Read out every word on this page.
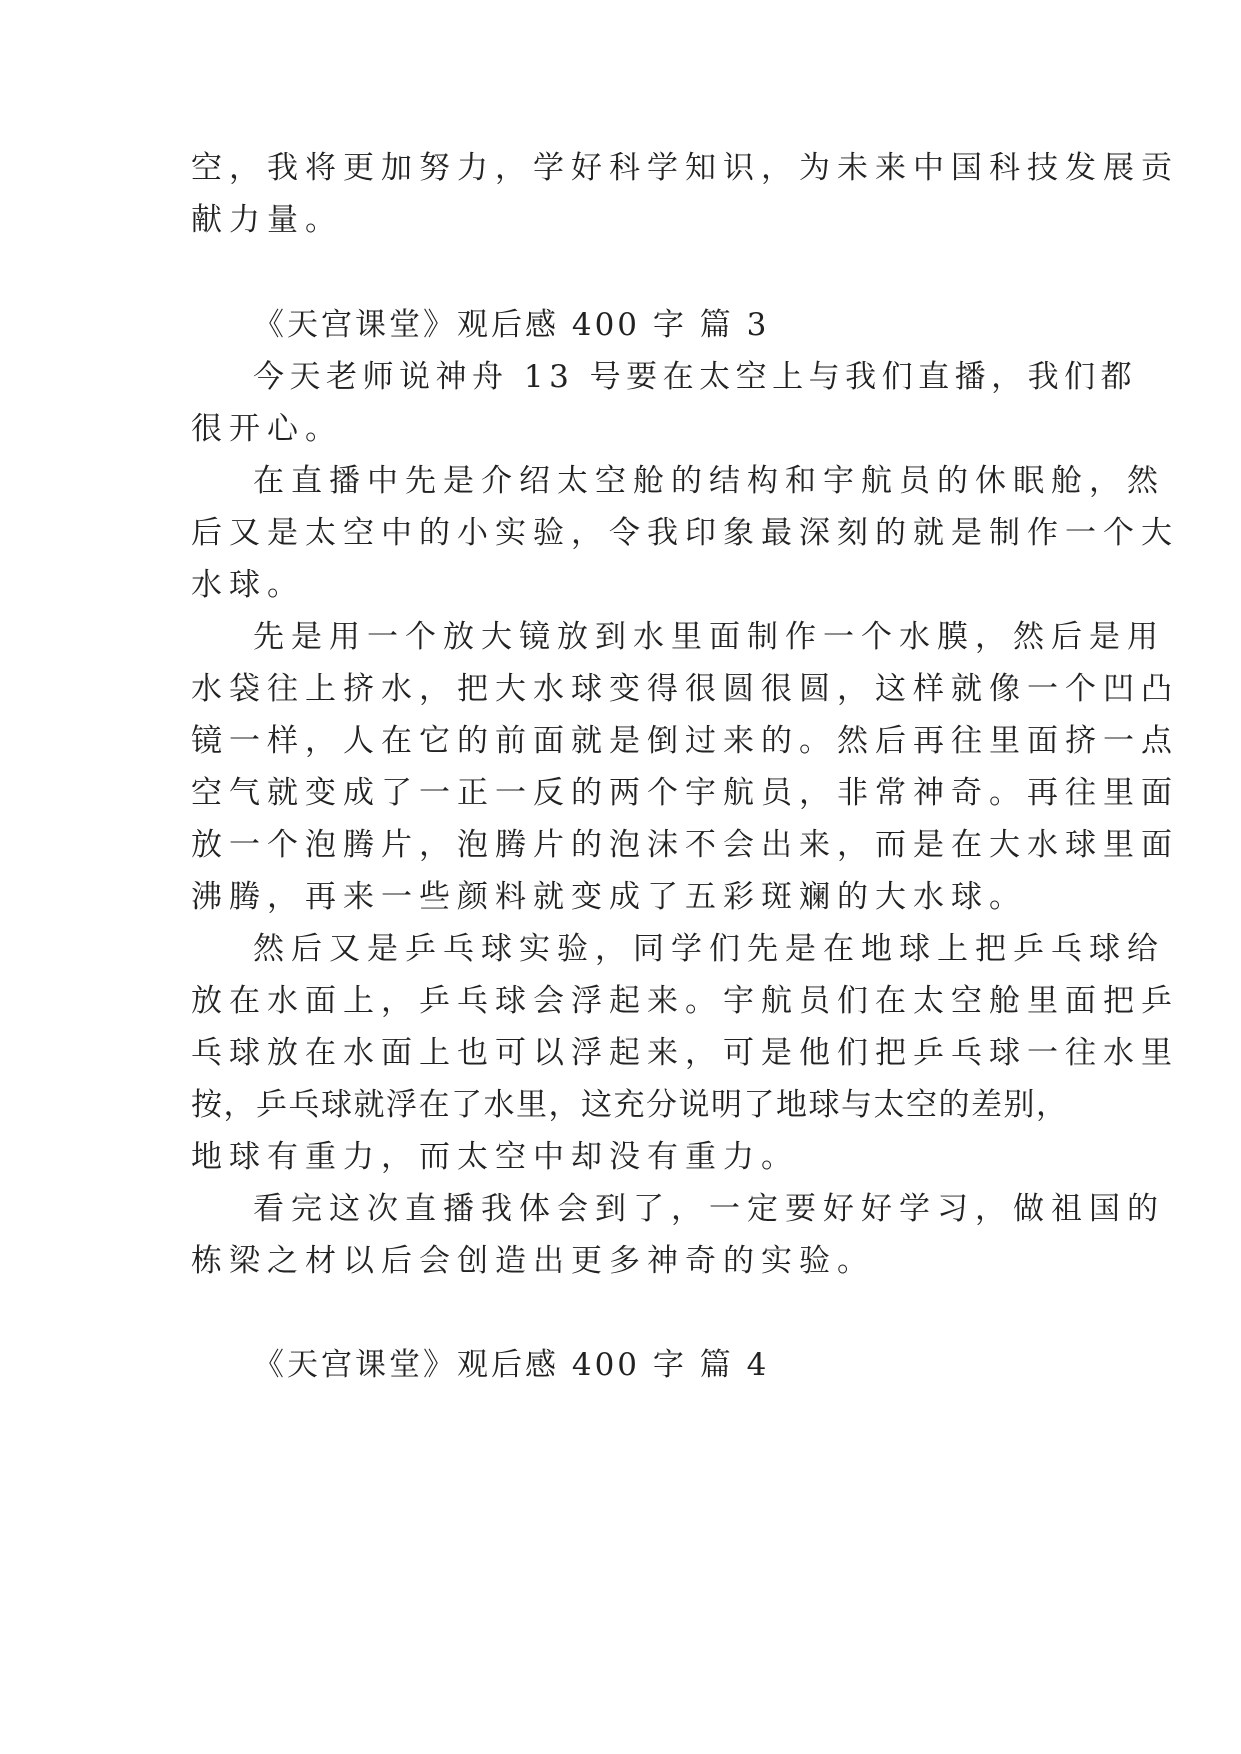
空，我将更加努力，学好科学知识，为未来中国科技发展贡
献力量。
《天宫课堂》观后感 400 字 篇 3
今天老师说神舟 13 号要在太空上与我们直播，我们都
很开心。
在直播中先是介绍太空舱的结构和宇航员的休眠舱，然
后又是太空中的小实验，令我印象最深刻的就是制作一个大
水球。
先是用一个放大镜放到水里面制作一个水膜，然后是用
水袋往上挤水，把大水球变得很圆很圆，这样就像一个凹凸
镜一样，人在它的前面就是倒过来的。然后再往里面挤一点
空气就变成了一正一反的两个宇航员，非常神奇。再往里面
放一个泡腾片，泡腾片的泡沫不会出来，而是在大水球里面
沸腾，再来一些颜料就变成了五彩斑斓的大水球。
然后又是乒乓球实验，同学们先是在地球上把乒乓球给
放在水面上，乒乓球会浮起来。宇航员们在太空舱里面把乒
乓球放在水面上也可以浮起来，可是他们把乒乓球一往水里
按，乒乓球就浮在了水里，这充分说明了地球与太空的差别，
地球有重力，而太空中却没有重力。
看完这次直播我体会到了，一定要好好学习，做祖国的
栋梁之材以后会创造出更多神奇的实验。
《天宫课堂》观后感 400 字 篇 4
